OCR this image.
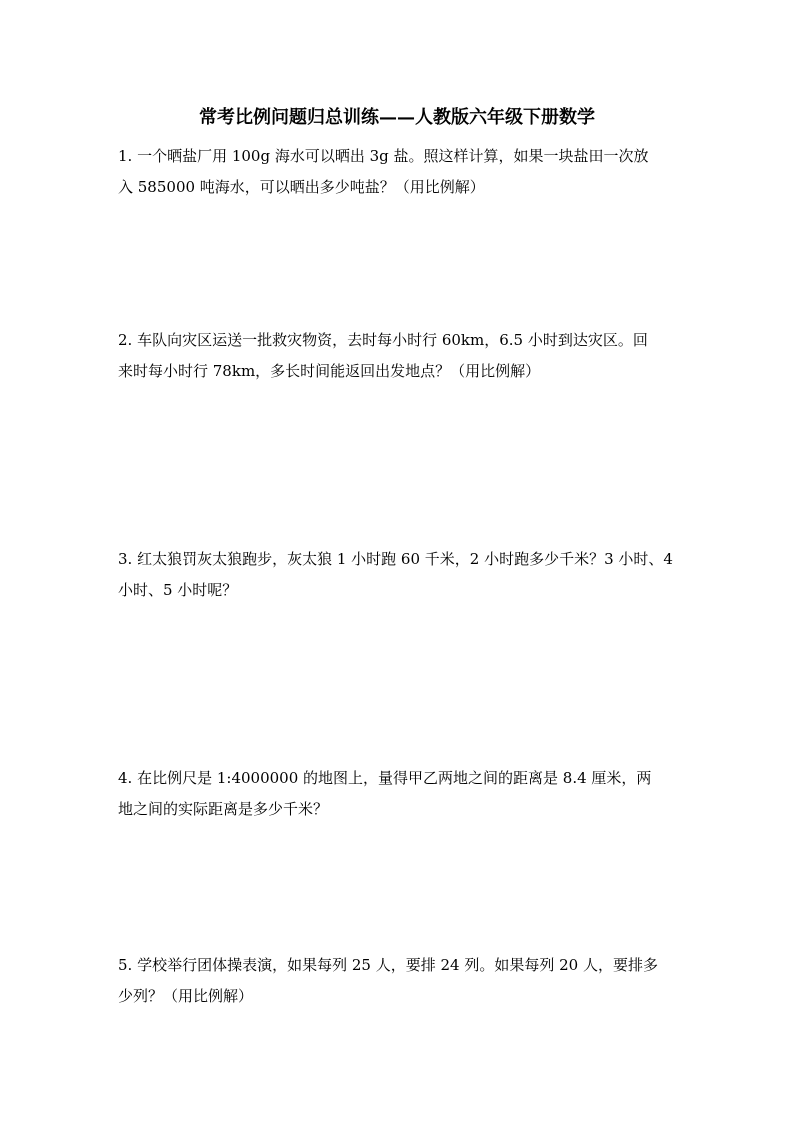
常考比例问题归总训练——人教版六年级下册数学
1. 一个晒盐厂用 100g 海水可以晒出 3g 盐。照这样计算，如果一块盐田一次放
入 585000 吨海水，可以晒出多少吨盐？（用比例解）
2. 车队向灾区运送一批救灾物资，去时每小时行 60km，6.5 小时到达灾区。回
来时每小时行 78km，多长时间能返回出发地点？（用比例解）
3. 红太狼罚灰太狼跑步，灰太狼 1 小时跑 60 千米，2 小时跑多少千米？3 小时、4
小时、5 小时呢？
4. 在比例尺是 1:4000000 的地图上，量得甲乙两地之间的距离是 8.4 厘米，两
地之间的实际距离是多少千米？
5. 学校举行团体操表演，如果每列 25 人，要排 24 列。如果每列 20 人，要排多
少列？（用比例解）
